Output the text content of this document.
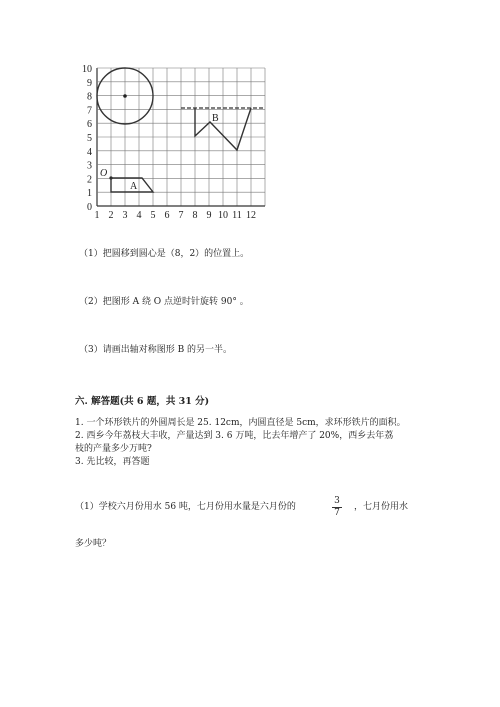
10
9
8
7
6
5
4
3
2
1
0
1 2 3 4 5 6 7 8 9 10 11 12
B
O
A
（1）把圆移到圆心是（8，2）的位置上。
（2）把图形 A 绕 O 点逆时针旋转 90° 。
（3）请画出轴对称图形 B 的另一半。
六. 解答题(共 6 题，共 31 分)
1. 一个环形铁片的外圆周长是 25. 12cm，内圆直径是 5cm，求环形铁片的面积。
2. 西乡今年荔枝大丰收，产量达到 3. 6 万吨，比去年增产了 20%，西乡去年荔
枝的产量多少万吨?
3. 先比较，再答题
（1）学校六月份用水 56 吨，七月份用水量是六月份的
3
7
，七月份用水
多少吨？
